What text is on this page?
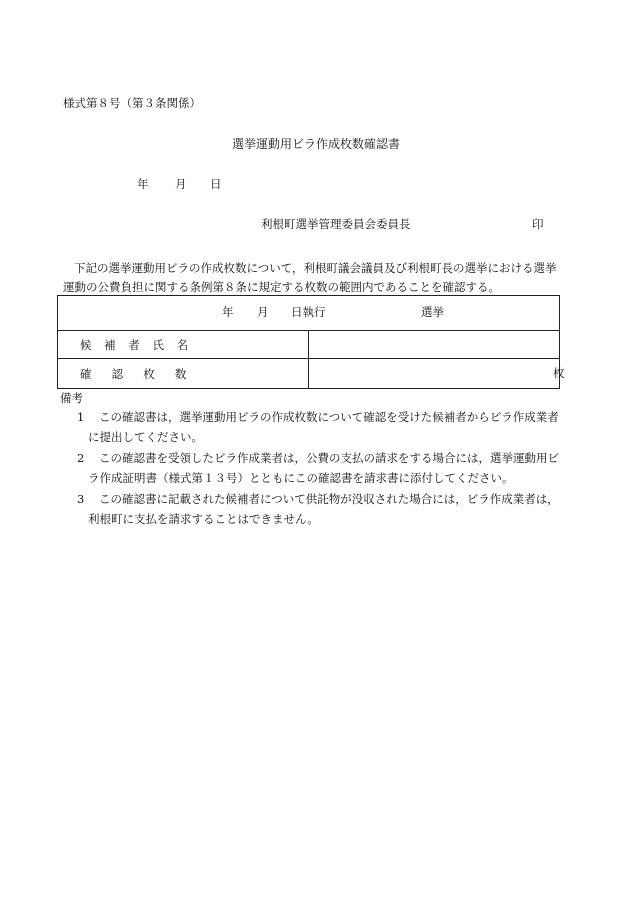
様式第８号（第３条関係）
選挙運動用ビラ作成枚数確認書
年 月 日
利根町選挙管理委員会委員長	印
下記の選挙運動用ビラの作成枚数について，利根町議会議員及び利根町長の選挙における選挙運動の公費負担に関する条例第８条に規定する枚数の範囲内であることを確認する。
年 月 日執行 選挙	

候補者氏名	

確認枚数	枚
備考
1 この確認書は，選挙運動用ビラの作成枚数について確認を受けた候補者からビラ作成業者
に提出してください。
2 この確認書を受領したビラ作成業者は，公費の支払の請求をする場合には，選挙運動用ビ
ラ作成証明書（様式第１３号）とともにこの確認書を請求書に添付してください。
3 この確認書に記載された候補者について供託物が没収された場合には，ビラ作成業者は，
利根町に支払を請求することはできません。
